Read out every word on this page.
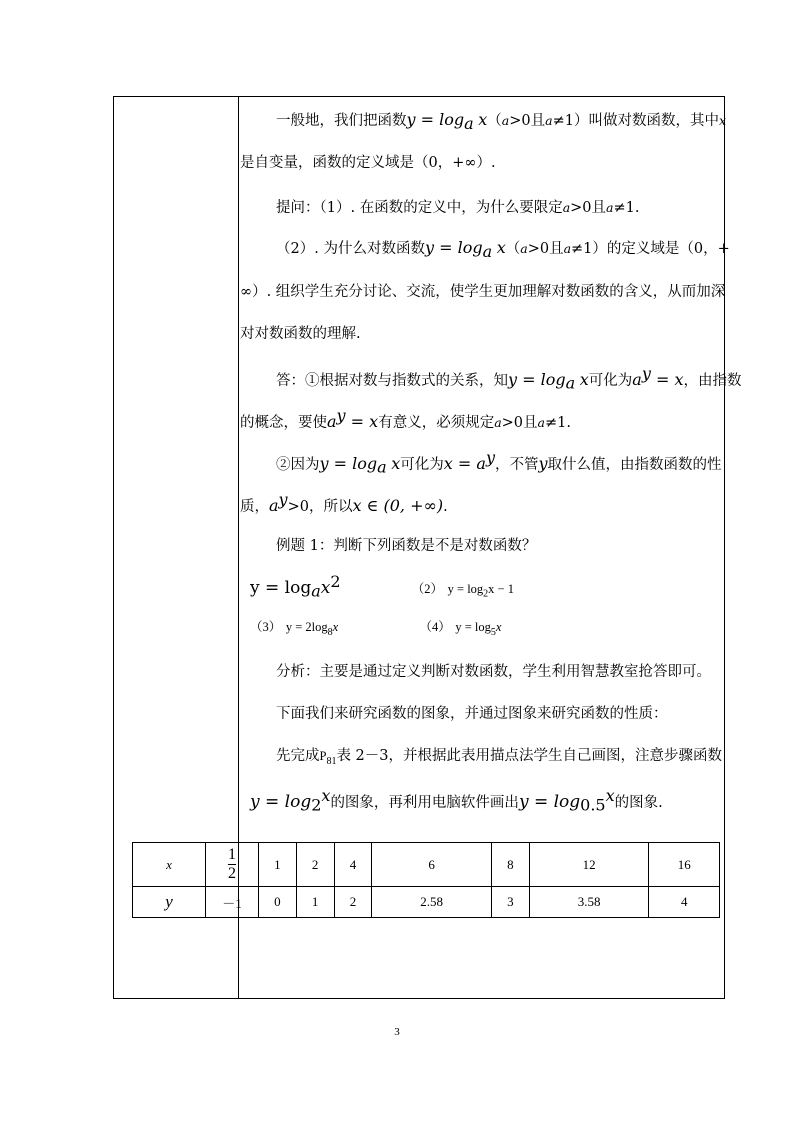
一般地，我们把函数$y = \log_a x(a>0$且a≠1）叫做对数函数，其中x
是自变量，函数的定义域是（0，+∞）.
提问：（1）. 在函数的定义中，为什么要限定a>0且a≠1.
（2）. 为什么对数函数$y = \log_a x(a>0$且a≠1）的定义域是（0，+
∞）. 组织学生充分讨论、交流，使学生更加理解对数函数的含义，从而加深
对对数函数的理解.
答：①根据对数与指数式的关系，知$y = \log_a x$可化为$a^y = x$，由指数
的概念，要使$a^y = x$有意义，必须规定a>0且a≠1.
②因为$y = \log_a x$可化为$x = a^y$，不管y取什么值，由指数函数的性
质，$a^y>0$，所以x ∈ (0, +∞).
例题 1：判断下列函数是不是对数函数？
$y = \log_ax^2$	（2） $y = \log_2x - 1$
（3） $y = 2\log_8x$	（4） $y = \log_5x$
分析：主要是通过定义判断对数函数，学生利用智慧教室抢答即可。
下面我们来研究函数的图象，并通过图象来研究函数的性质：
先完成$P_{81}$表 2－3，并根据此表用描点法学生自己画图，注意步骤函数
$y = \log_2^x$的图象，再利用电脑软件画出$y = \log_{0.5}^x$的图象.
x	$\frac{1}{2}$	1	2	4	6	8	12	16
y	－1	0	1	2	2.58	3	3.58	4
3
